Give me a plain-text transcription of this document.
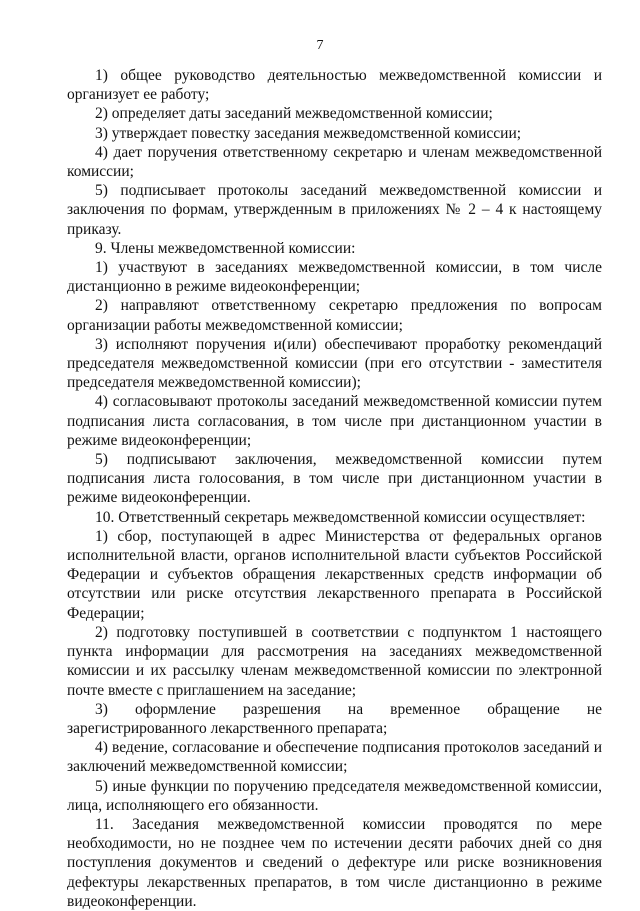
7

1) общее руководство деятельностью межведомственной комиссии и организует ее работу;

2) определяет даты заседаний межведомственной комиссии;

3) утверждает повестку заседания межведомственной комиссии;

4) дает поручения ответственному секретарю и членам межведомственной комиссии;

5) подписывает протоколы заседаний межведомственной комиссии и заключения по формам, утвержденным в приложениях № 2 – 4 к настоящему приказу.

9. Члены межведомственной комиссии:

1) участвуют в заседаниях межведомственной комиссии, в том числе дистанционно в режиме видеоконференции;

2) направляют ответственному секретарю предложения по вопросам организации работы межведомственной комиссии;

3) исполняют поручения и(или) обеспечивают проработку рекомендаций председателя межведомственной комиссии (при его отсутствии - заместителя председателя межведомственной комиссии);

4) согласовывают протоколы заседаний межведомственной комиссии путем подписания листа согласования, в том числе при дистанционном участии в режиме видеоконференции;

5) подписывают заключения, межведомственной комиссии путем подписания листа голосования, в том числе при дистанционном участии в режиме видеоконференции.

10. Ответственный секретарь межведомственной комиссии осуществляет:

1) сбор, поступающей в адрес Министерства от федеральных органов исполнительной власти, органов исполнительной власти субъектов Российской Федерации и субъектов обращения лекарственных средств информации об отсутствии или риске отсутствия лекарственного препарата в Российской Федерации;

2) подготовку поступившей в соответствии с подпунктом 1 настоящего пункта информации для рассмотрения на заседаниях межведомственной комиссии и их рассылку членам межведомственной комиссии по электронной почте вместе с приглашением на заседание;

3) оформление разрешения на временное обращение не зарегистрированного лекарственного препарата;

4) ведение, согласование и обеспечение подписания протоколов заседаний и заключений межведомственной комиссии;

5) иные функции по поручению председателя межведомственной комиссии, лица, исполняющего его обязанности.

11. Заседания межведомственной комиссии проводятся по мере необходимости, но не позднее чем по истечении десяти рабочих дней со дня поступления документов и сведений о дефектуре или риске возникновения дефектуры лекарственных препаратов, в том числе дистанционно в режиме видеоконференции.
